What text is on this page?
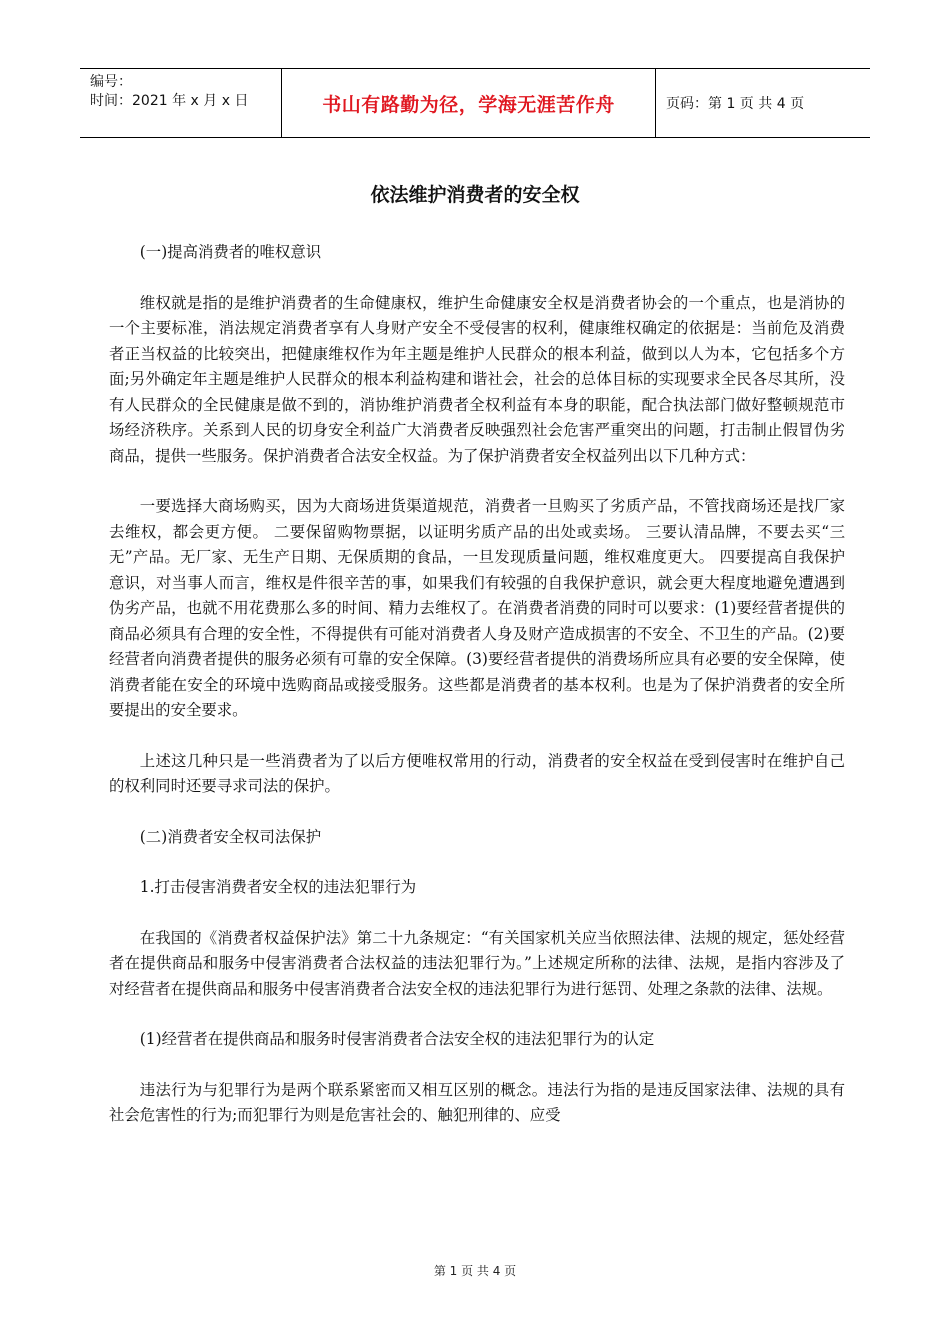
编号：
时间：2021 年 x 月 x 日	书山有路勤为径，学海无涯苦作舟	页码：第 1 页 共 4 页
依法维护消费者的安全权

(一)提高消费者的唯权意识

维权就是指的是维护消费者的生命健康权，维护生命健康安全权是消费者协会的一个重点，也是消协的一个主要标准，消法规定消费者享有人身财产安全不受侵害的权利，健康维权确定的依据是：当前危及消费者正当权益的比较突出，把健康维权作为年主题是维护人民群众的根本利益，做到以人为本，它包括多个方面;另外确定年主题是维护人民群众的根本利益构建和谐社会，社会的总体目标的实现要求全民各尽其所，没有人民群众的全民健康是做不到的，消协维护消费者全权利益有本身的职能，配合执法部门做好整顿规范市场经济秩序。关系到人民的切身安全利益广大消费者反映强烈社会危害严重突出的问题，打击制止假冒伪劣商品，提供一些服务。保护消费者合法安全权益。为了保护消费者安全权益列出以下几种方式：

一要选择大商场购买，因为大商场进货渠道规范，消费者一旦购买了劣质产品，不管找商场还是找厂家去维权，都会更方便。 二要保留购物票据，以证明劣质产品的出处或卖场。 三要认清品牌，不要去买“三无”产品。无厂家、无生产日期、无保质期的食品，一旦发现质量问题，维权难度更大。 四要提高自我保护意识，对当事人而言，维权是件很辛苦的事，如果我们有较强的自我保护意识，就会更大程度地避免遭遇到伪劣产品，也就不用花费那么多的时间、精力去维权了。在消费者消费的同时可以要求：(1)要经营者提供的商品必须具有合理的安全性，不得提供有可能对消费者人身及财产造成损害的不安全、不卫生的产品。(2)要经营者向消费者提供的服务必须有可靠的安全保障。(3)要经营者提供的消费场所应具有必要的安全保障，使消费者能在安全的环境中选购商品或接受服务。这些都是消费者的基本权利。也是为了保护消费者的安全所要提出的安全要求。

上述这几种只是一些消费者为了以后方便唯权常用的行动，消费者的安全权益在受到侵害时在维护自己的权利同时还要寻求司法的保护。

(二)消费者安全权司法保护

1.打击侵害消费者安全权的违法犯罪行为

在我国的《消费者权益保护法》第二十九条规定：“有关国家机关应当依照法律、法规的规定，惩处经营者在提供商品和服务中侵害消费者合法权益的违法犯罪行为。”上述规定所称的法律、法规，是指内容涉及了对经营者在提供商品和服务中侵害消费者合法安全权的违法犯罪行为进行惩罚、处理之条款的法律、法规。

(1)经营者在提供商品和服务时侵害消费者合法安全权的违法犯罪行为的认定

违法行为与犯罪行为是两个联系紧密而又相互区别的概念。违法行为指的是违反国家法律、法规的具有社会危害性的行为;而犯罪行为则是危害社会的、触犯刑律的、应受

第 1 页 共 4 页
